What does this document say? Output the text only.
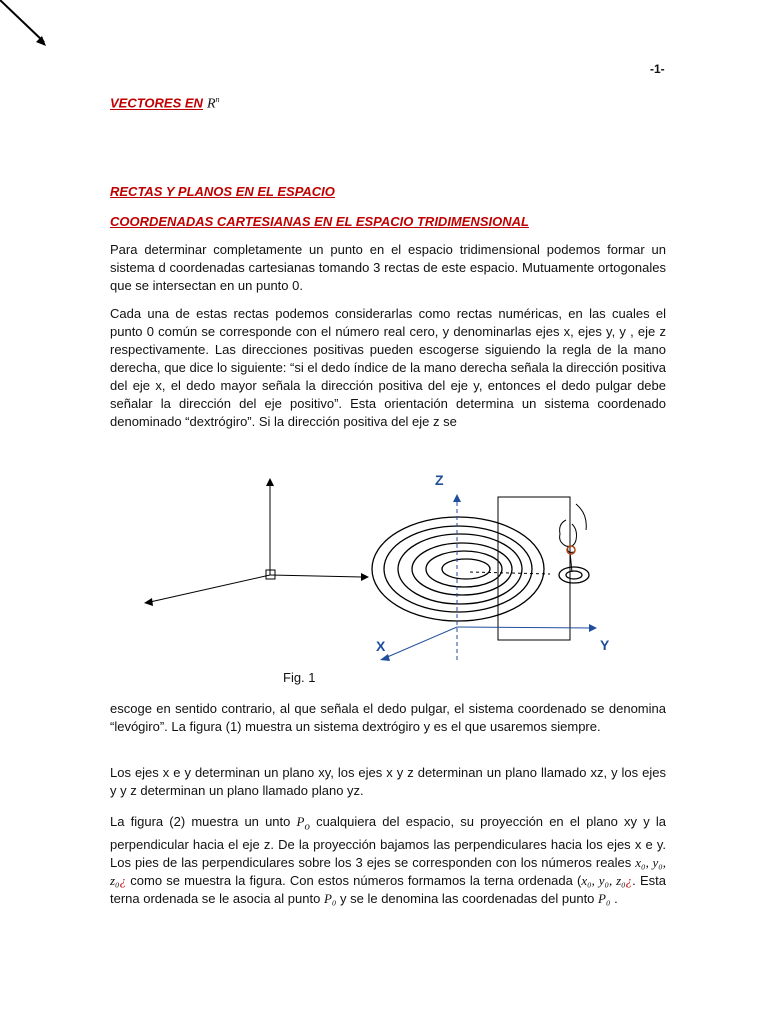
-1-
VECTORES EN $R^n$
RECTAS Y PLANOS EN EL ESPACIO
COORDENADAS CARTESIANAS EN EL ESPACIO TRIDIMENSIONAL

Para determinar completamente un punto en el espacio tridimensional podemos formar un sistema d coordenadas cartesianas tomando 3 rectas de este espacio. Mutuamente ortogonales que se intersectan en un punto 0.

Cada una de estas rectas podemos considerarlas como rectas numéricas, en las cuales el punto 0 común se corresponde con el número real cero, y denominarlas ejes x, ejes y, y , eje z respectivamente. Las direcciones positivas pueden escogerse siguiendo la regla de la mano derecha, que dice lo siguiente: “si el dedo índice de la mano derecha señala la dirección positiva del eje x, el dedo mayor señala la dirección positiva del eje y, entonces el dedo pulgar debe señalar la dirección del eje positivo”. Esta orientación determina un sistema coordenado denominado “dextrógiro”. Si la dirección positiva del eje z se

Z
X	Y
Fig. 1

escoge en sentido contrario, al que señala el dedo pulgar, el sistema coordenado se denomina “levógiro”. La figura (1) muestra un sistema dextrógiro y es el que usaremos siempre.

Los ejes x e y determinan un plano xy, los ejes x y z determinan un plano llamado xz, y los ejes y y z determinan un plano llamado plano yz.

La figura (2) muestra un unto $P_o$ cualquiera del espacio, su proyección en el plano xy y la perpendicular hacia el eje z. De la proyección bajamos las perpendiculares hacia los ejes x e y. Los pies de las perpendiculares sobre los 3 ejes se corresponden con los números reales x₀, y₀, z₀¿ como se muestra la figura. Con estos números formamos la terna ordenada (x₀, y₀, z₀¿. Esta terna ordenada se le asocia al punto P₀ y se le denomina las coordenadas del punto P₀ .
